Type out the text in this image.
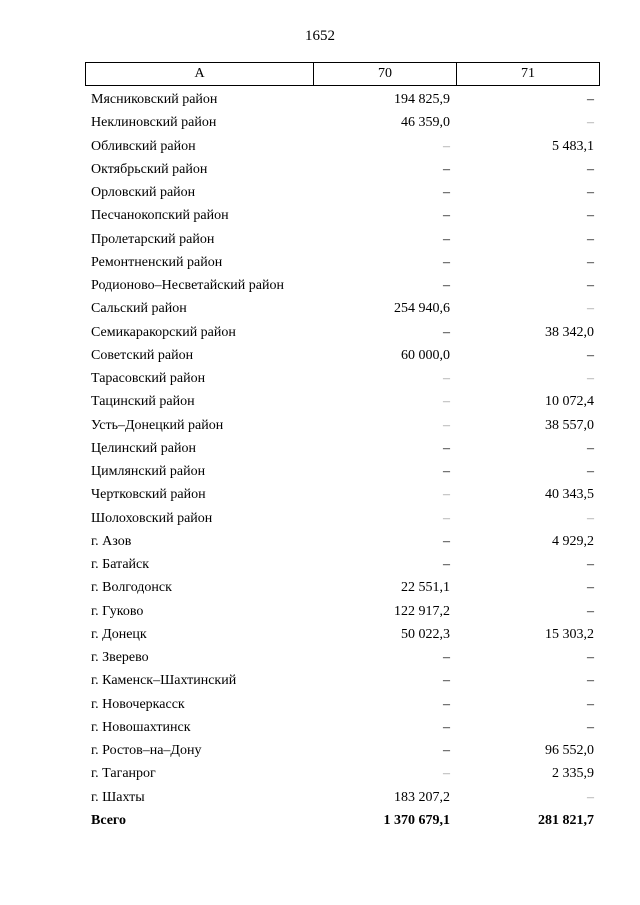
1652
А	70	71
Мясниковский район	194 825,9	–
Неклиновский район	46 359,0	–
Обливский район	–	5 483,1
Октябрьский район	–	–
Орловский район	–	–
Песчанокопский район	–	–
Пролетарский район	–	–
Ремонтненский район	–	–
Родионово–Несветайский район	–	–
Сальский район	254 940,6	–
Семикаракорский район	–	38 342,0
Советский район	60 000,0	–
Тарасовский район	–	–
Тацинский район	–	10 072,4
Усть–Донецкий район	–	38 557,0
Целинский район	–	–
Цимлянский район	–	–
Чертковский район	–	40 343,5
Шолоховский район	–	–
г. Азов	–	4 929,2
г. Батайск	–	–
г. Волгодонск	22 551,1	–
г. Гуково	122 917,2	–
г. Донецк	50 022,3	15 303,2
г. Зверево	–	–
г. Каменск–Шахтинский	–	–
г. Новочеркасск	–	–
г. Новошахтинск	–	–
г. Ростов–на–Дону	–	96 552,0
г. Таганрог	–	2 335,9
г. Шахты	183 207,2	–
Всего	1 370 679,1	281 821,7
